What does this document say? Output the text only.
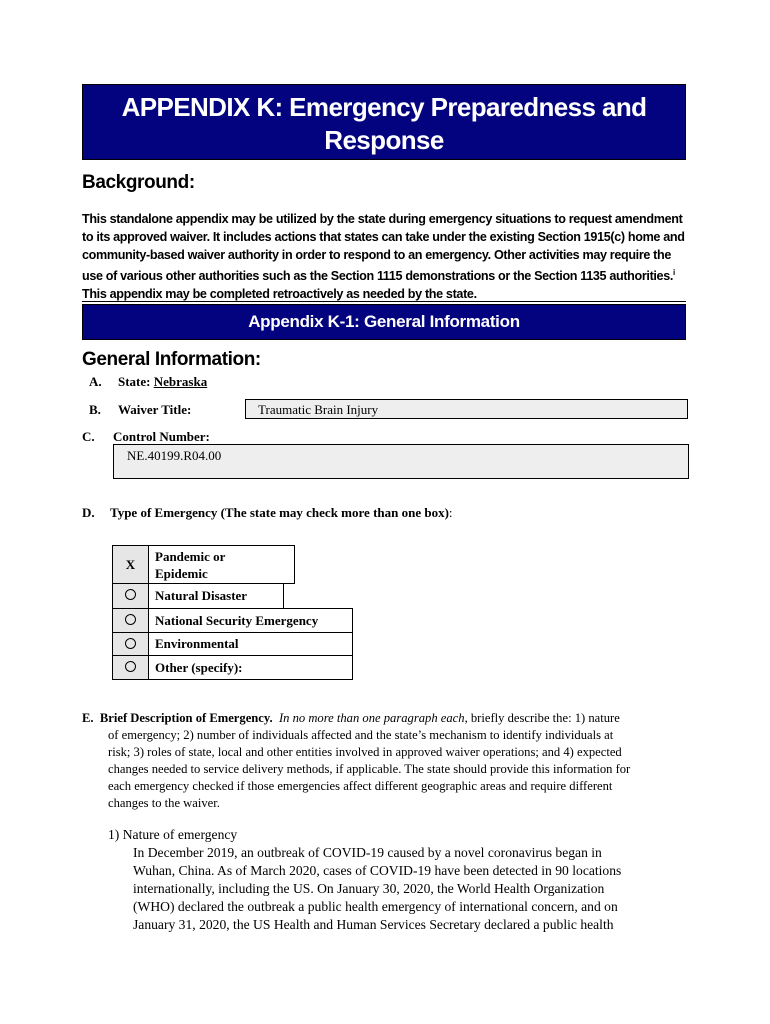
APPENDIX K: Emergency Preparedness and
Response
Background:
This standalone appendix may be utilized by the state during emergency situations to request amendment to its approved waiver. It includes actions that states can take under the existing Section 1915(c) home and community-based waiver authority in order to respond to an emergency. Other activities may require the use of various other authorities such as the Section 1115 demonstrations or the Section 1135 authorities.$^i$ This appendix may be completed retroactively as needed by the state.
Appendix K-1: General Information
General Information:
A. State: Nebraska
B. Waiver Title:	Traumatic Brain Injury
C. Control Number:
NE.40199.R04.00
D. Type of Emergency (The state may check more than one box):
X
Pandemic or
Epidemic
Natural Disaster
National Security Emergency
Environmental
Other (specify):
E. Brief Description of Emergency. In no more than one paragraph each, briefly describe the: 1) nature
of emergency; 2) number of individuals affected and the state’s mechanism to identify individuals at
risk; 3) roles of state, local and other entities involved in approved waiver operations; and 4) expected
changes needed to service delivery methods, if applicable. The state should provide this information for
each emergency checked if those emergencies affect different geographic areas and require different
changes to the waiver.
1) Nature of emergency
In December 2019, an outbreak of COVID-19 caused by a novel coronavirus began in
Wuhan, China. As of March 2020, cases of COVID-19 have been detected in 90 locations
internationally, including the US. On January 30, 2020, the World Health Organization
(WHO) declared the outbreak a public health emergency of international concern, and on
January 31, 2020, the US Health and Human Services Secretary declared a public health
